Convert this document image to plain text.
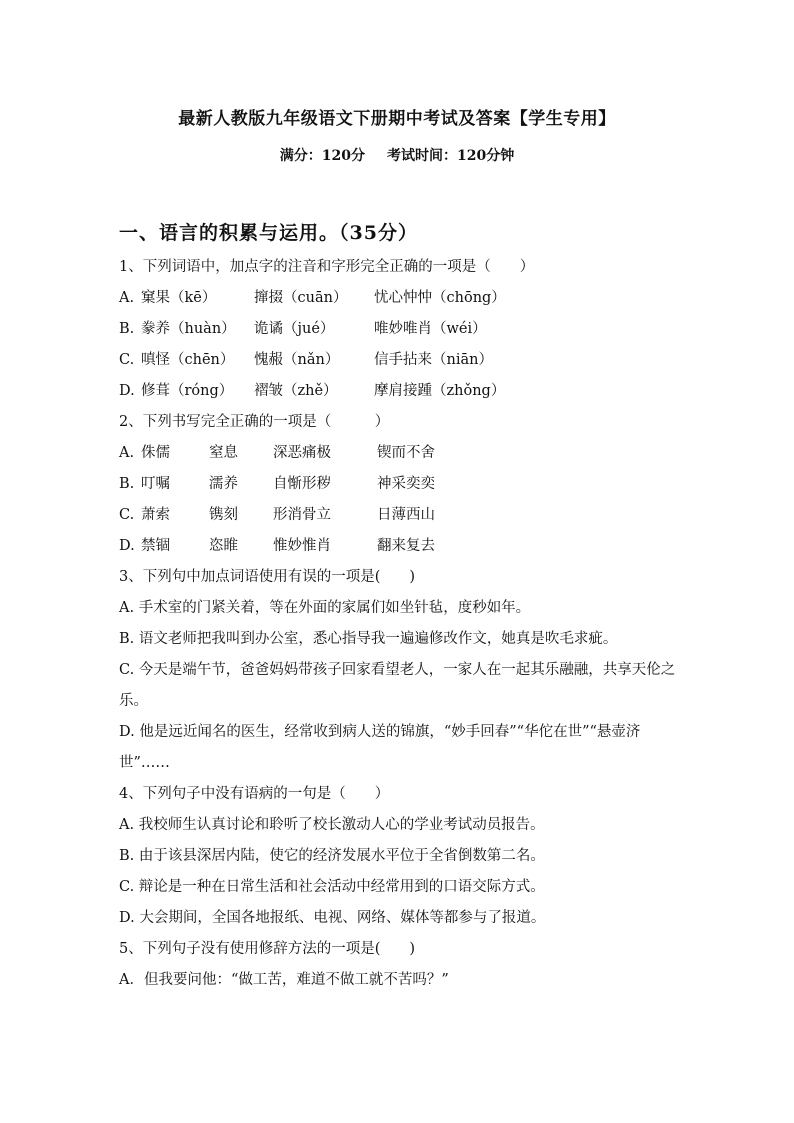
最新人教版九年级语文下册期中考试及答案【学生专用】
满分：120分 考试时间：120分钟
一、语言的积累与运用。（35分）
1、下列词语中，加点字的注音和字形完全正确的一项是（　　）
A. 窠果（kē）	撺掇（cuān）	忧心忡忡（chōng）
B. 豢养（huàn）	诡谲（jué）	唯妙唯肖（wéi）
C. 嗔怪（chēn）	愧赧（nǎn）	信手拈来（niān）
D. 修葺（róng）	褶皱（zhě）	摩肩接踵（zhǒng）
2、下列书写完全正确的一项是（　　　）
A. 侏儒	窒息	深恶痛极	锲而不舍
B. 叮嘱	濡养	自惭形秽	神采奕奕
C. 萧索	镌刻	形消骨立	日薄西山
D. 禁锢	恣睢	惟妙惟肖	翻来复去
3、下列句中加点词语使用有误的一项是(　　)
A. 手术室的门紧关着，等在外面的家属们如坐针毡，度秒如年。
B. 语文老师把我叫到办公室，悉心指导我一遍遍修改作文，她真是吹毛求疵。
C. 今天是端午节，爸爸妈妈带孩子回家看望老人，一家人在一起其乐融融，共享天伦之乐。
D. 他是远近闻名的医生，经常收到病人送的锦旗，“妙手回春”“华佗在世”“悬壶济世”……
4、下列句子中没有语病的一句是（　　）
A. 我校师生认真讨论和聆听了校长激动人心的学业考试动员报告。
B. 由于该县深居内陆，使它的经济发展水平位于全省倒数第二名。
C. 辩论是一种在日常生活和社会活动中经常用到的口语交际方式。
D. 大会期间，全国各地报纸、电视、网络、媒体等都参与了报道。
5、下列句子没有使用修辞方法的一项是(　　)
A．但我要问他：“做工苦，难道不做工就不苦吗？”
